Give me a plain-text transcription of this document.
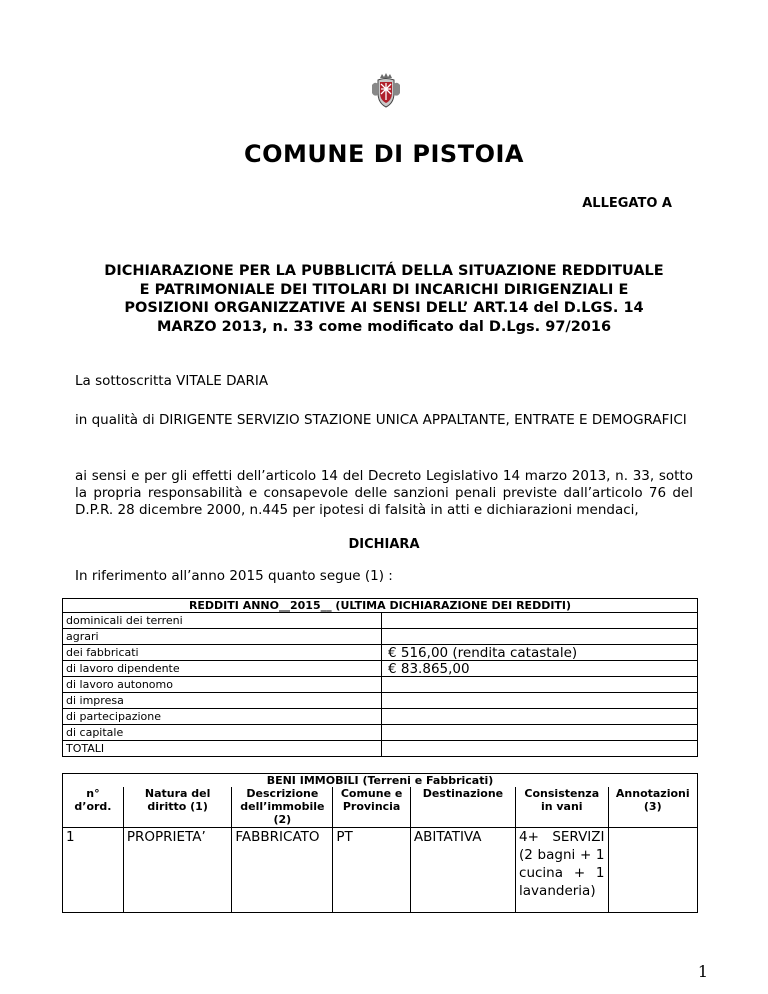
COMUNE DI PISTOIA
ALLEGATO A
DICHIARAZIONE PER LA PUBBLICITÁ DELLA SITUAZIONE REDDITUALE
E PATRIMONIALE DEI TITOLARI DI INCARICHI DIRIGENZIALI E
POSIZIONI ORGANIZZATIVE AI SENSI DELL’ ART.14 del D.LGS. 14
MARZO 2013, n. 33 come modificato dal D.Lgs. 97/2016
La sottoscritta VITALE DARIA
in qualità di DIRIGENTE SERVIZIO STAZIONE UNICA APPALTANTE, ENTRATE E DEMOGRAFICI
ai sensi e per gli effetti dell’articolo 14 del Decreto Legislativo 14 marzo 2013, n. 33, sotto la propria responsabilità e consapevole delle sanzioni penali previste dall’articolo 76 del D.P.R. 28 dicembre 2000, n.445 per ipotesi di falsità in atti e dichiarazioni mendaci,
DICHIARA
In riferimento all’anno 2015 quanto segue (1) :
REDDITI ANNO__2015__ (ULTIMA DICHIARAZIONE DEI REDDITI)	
dominicali dei terreni	
agrari	
dei fabbricati	€ 516,00 (rendita catastale)
di lavoro dipendente	€ 83.865,00
di lavoro autonomo	
di impresa	
di partecipazione	
di capitale	
TOTALI	
BENI IMMOBILI (Terreni e Fabbricati)						
n° d’ord.	Natura del diritto (1)	Descrizione dell’immobile (2)	Comune e Provincia	Destinazione	Consistenza in vani	Annotazioni (3)
1	PROPRIETA’	FABBRICATO	PT	ABITATIVA	4+ SERVIZI (2 bagni + 1 cucina + 1 lavanderia)	
1
